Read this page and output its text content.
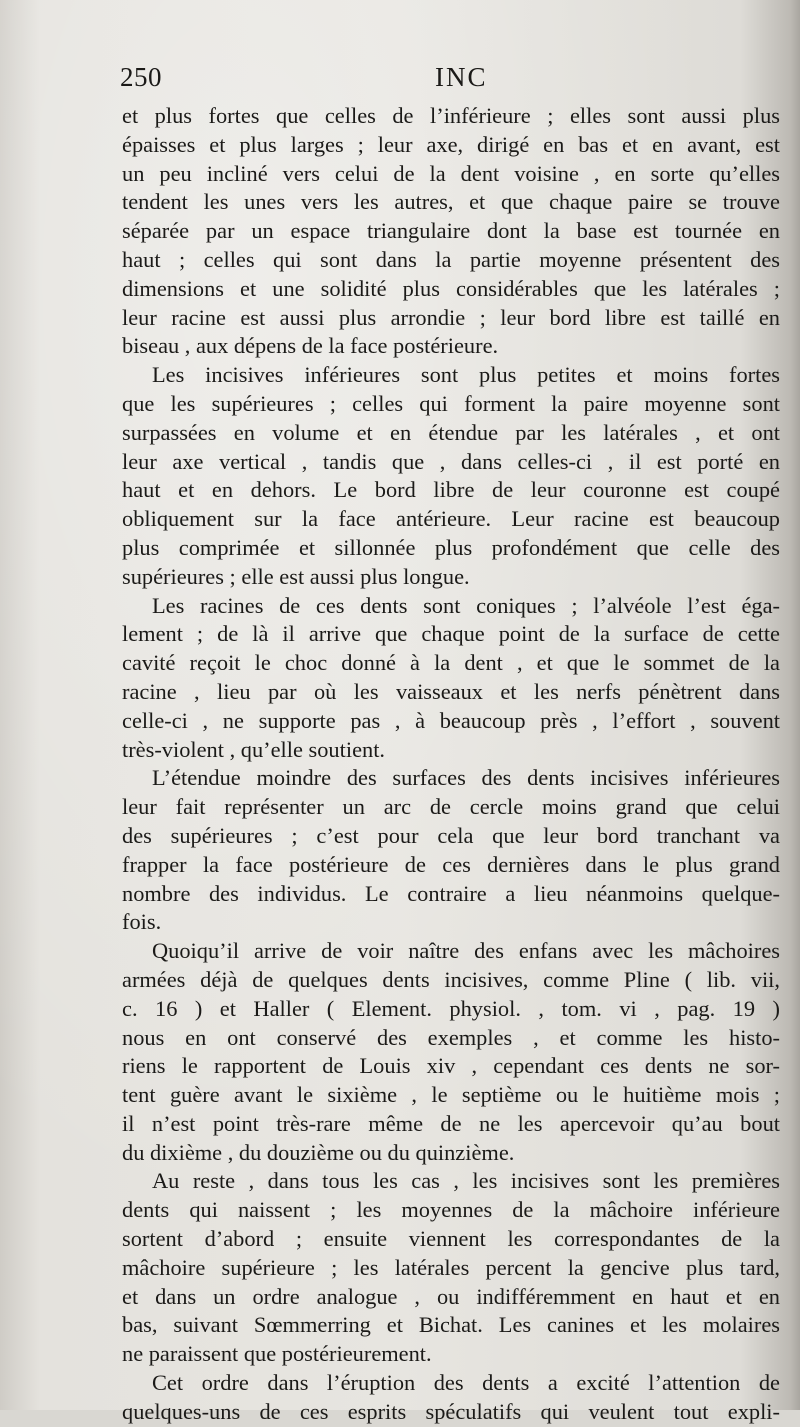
250	INC

et plus fortes que celles de l’inférieure ; elles sont aussi plus
épaisses et plus larges ; leur axe, dirigé en bas et en avant, est
un peu incliné vers celui de la dent voisine , en sorte qu’elles
tendent les unes vers les autres, et que chaque paire se trouve
séparée par un espace triangulaire dont la base est tournée en
haut ; celles qui sont dans la partie moyenne présentent des
dimensions et une solidité plus considérables que les latérales ;
leur racine est aussi plus arrondie ; leur bord libre est taillé en
biseau , aux dépens de la face postérieure.

Les incisives inférieures sont plus petites et moins fortes
que les supérieures ; celles qui forment la paire moyenne sont
surpassées en volume et en étendue par les latérales , et ont
leur axe vertical , tandis que , dans celles-ci , il est porté en
haut et en dehors. Le bord libre de leur couronne est coupé
obliquement sur la face antérieure. Leur racine est beaucoup
plus comprimée et sillonnée plus profondément que celle des
supérieures ; elle est aussi plus longue.

Les racines de ces dents sont coniques ; l’alvéole l’est éga-
lement ; de là il arrive que chaque point de la surface de cette
cavité reçoit le choc donné à la dent , et que le sommet de la
racine , lieu par où les vaisseaux et les nerfs pénètrent dans
celle-ci , ne supporte pas , à beaucoup près , l’effort , souvent
très-violent , qu’elle soutient.

L’étendue moindre des surfaces des dents incisives inférieures
leur fait représenter un arc de cercle moins grand que celui
des supérieures ; c’est pour cela que leur bord tranchant va
frapper la face postérieure de ces dernières dans le plus grand
nombre des individus. Le contraire a lieu néanmoins quelque-
fois.

Quoiqu’il arrive de voir naître des enfans avec les mâchoires
armées déjà de quelques dents incisives, comme Pline ( lib. vii,
c. 16 ) et Haller ( Element. physiol. , tom. vi , pag. 19 )
nous en ont conservé des exemples , et comme les histo-
riens le rapportent de Louis xiv , cependant ces dents ne sor-
tent guère avant le sixième , le septième ou le huitième mois ;
il n’est point très-rare même de ne les apercevoir qu’au bout
du dixième , du douzième ou du quinzième.

Au reste , dans tous les cas , les incisives sont les premières
dents qui naissent ; les moyennes de la mâchoire inférieure
sortent d’abord ; ensuite viennent les correspondantes de la
mâchoire supérieure ; les latérales percent la gencive plus tard,
et dans un ordre analogue , ou indifféremment en haut et en
bas, suivant Sœmmerring et Bichat. Les canines et les molaires
ne paraissent que postérieurement.

Cet ordre dans l’éruption des dents a excité l’attention de
quelques-uns de ces esprits spéculatifs qui veulent tout expli-
